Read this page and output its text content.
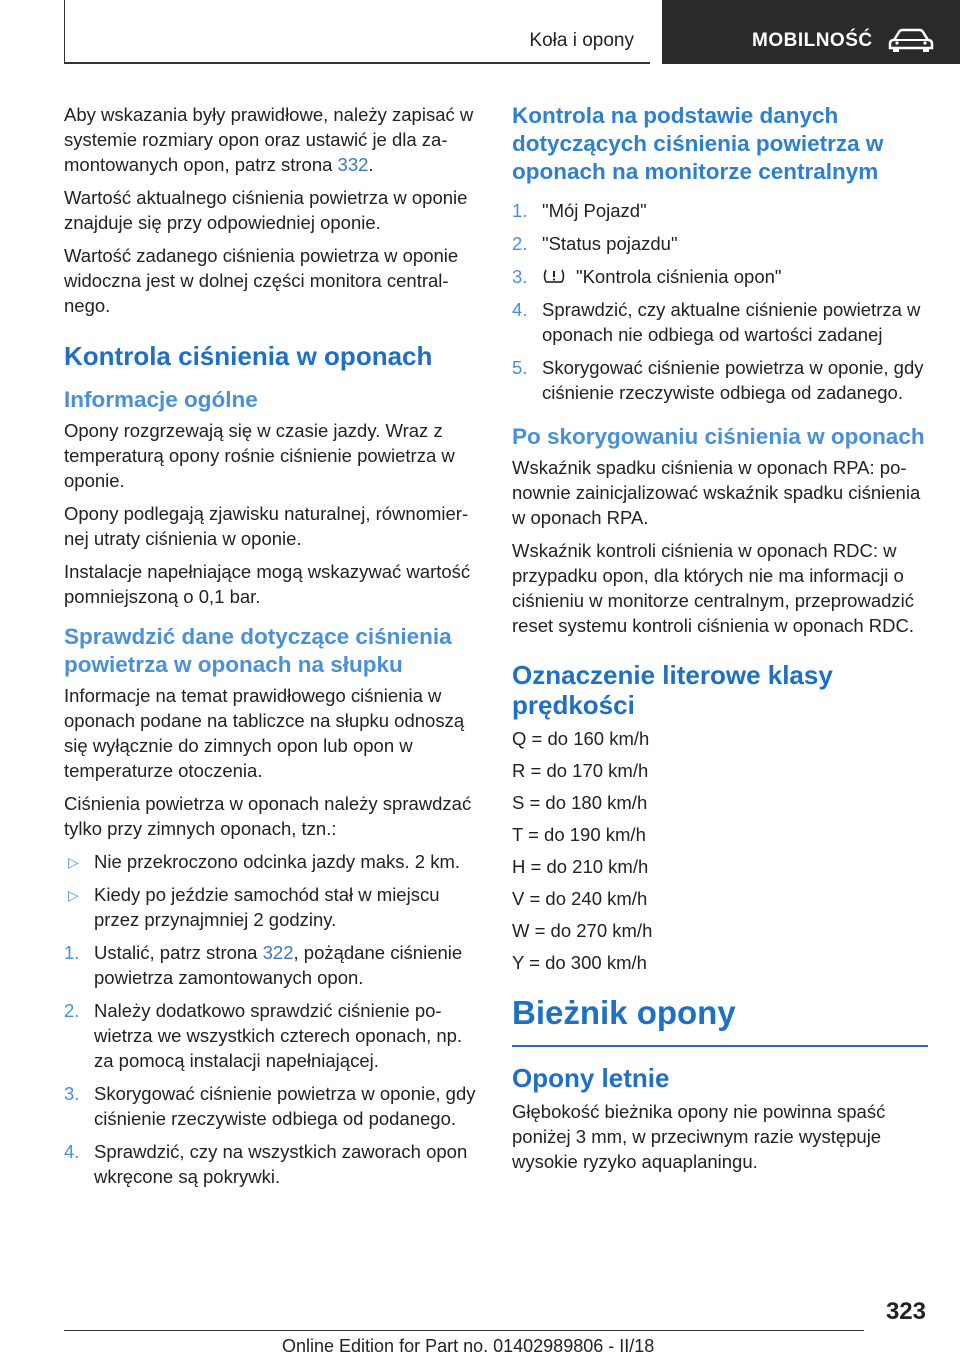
Koła i opony	MOBILNOŚĆ

Aby wskazania były prawidłowe, należy zapisać w systemie rozmiary opon oraz ustawić je dla zamontowanych opon, patrz strona 332.

Wartość aktualnego ciśnienia powietrza w oponie znajduje się przy odpowiedniej oponie.

Wartość zadanego ciśnienia powietrza w oponie widoczna jest w dolnej części monitora centralnego.

Kontrola ciśnienia w oponach
Informacje ogólne

Opony rozgrzewają się w czasie jazdy. Wraz z temperaturą opony rośnie ciśnienie powietrza w oponie.

Opony podlegają zjawisku naturalnej, równomiernej utraty ciśnienia w oponie.

Instalacje napełniające mogą wskazywać wartość pomniejszoną o 0,1 bar.

Sprawdzić dane dotyczące ciśnienia powietrza w oponach na słupku

Informacje na temat prawidłowego ciśnienia w oponach podane na tabliczce na słupku odnoszą się wyłącznie do zimnych opon lub opon w temperaturze otoczenia.

Ciśnienia powietrza w oponach należy sprawdzać tylko przy zimnych oponach, tzn.:

▷ Nie przekroczono odcinka jazdy maks. 2 km.
▷ Kiedy po jeździe samochód stał w miejscu przez przynajmniej 2 godziny.
1. Ustalić, patrz strona 322, pożądane ciśnienie powietrza zamontowanych opon.
2. Należy dodatkowo sprawdzić ciśnienie powietrza we wszystkich czterech oponach, np. za pomocą instalacji napełniającej.
3. Skorygować ciśnienie powietrza w oponie, gdy ciśnienie rzeczywiste odbiega od podanego.
4. Sprawdzić, czy na wszystkich zaworach opon wkręcone są pokrywki.
Kontrola na podstawie danych dotyczących ciśnienia powietrza w oponach na monitorze centralnym
1. "Mój Pojazd"
2. "Status pojazdu"
3.	"Kontrola ciśnienia opon"
4. Sprawdzić, czy aktualne ciśnienie powietrza w oponach nie odbiega od wartości zadanej
5. Skorygować ciśnienie powietrza w oponie, gdy ciśnienie rzeczywiste odbiega od zadanego.
Po skorygowaniu ciśnienia w oponach

Wskaźnik spadku ciśnienia w oponach RPA: ponownie zainicjalizować wskaźnik spadku ciśnienia w oponach RPA.

Wskaźnik kontroli ciśnienia w oponach RDC: w przypadku opon, dla których nie ma informacji o ciśnieniu w monitorze centralnym, przeprowadzić reset systemu kontroli ciśnienia w oponach RDC.

Oznaczenie literowe klasy prędkości
Q = do 160 km/h
R = do 170 km/h
S = do 180 km/h
T = do 190 km/h
H = do 210 km/h
V = do 240 km/h
W = do 270 km/h
Y = do 300 km/h
Bieżnik opony
Opony letnie

Głębokość bieżnika opony nie powinna spaść poniżej 3 mm, w przeciwnym razie występuje wysokie ryzyko aquaplaningu.

323
Online Edition for Part no. 01402989806 - II/18
